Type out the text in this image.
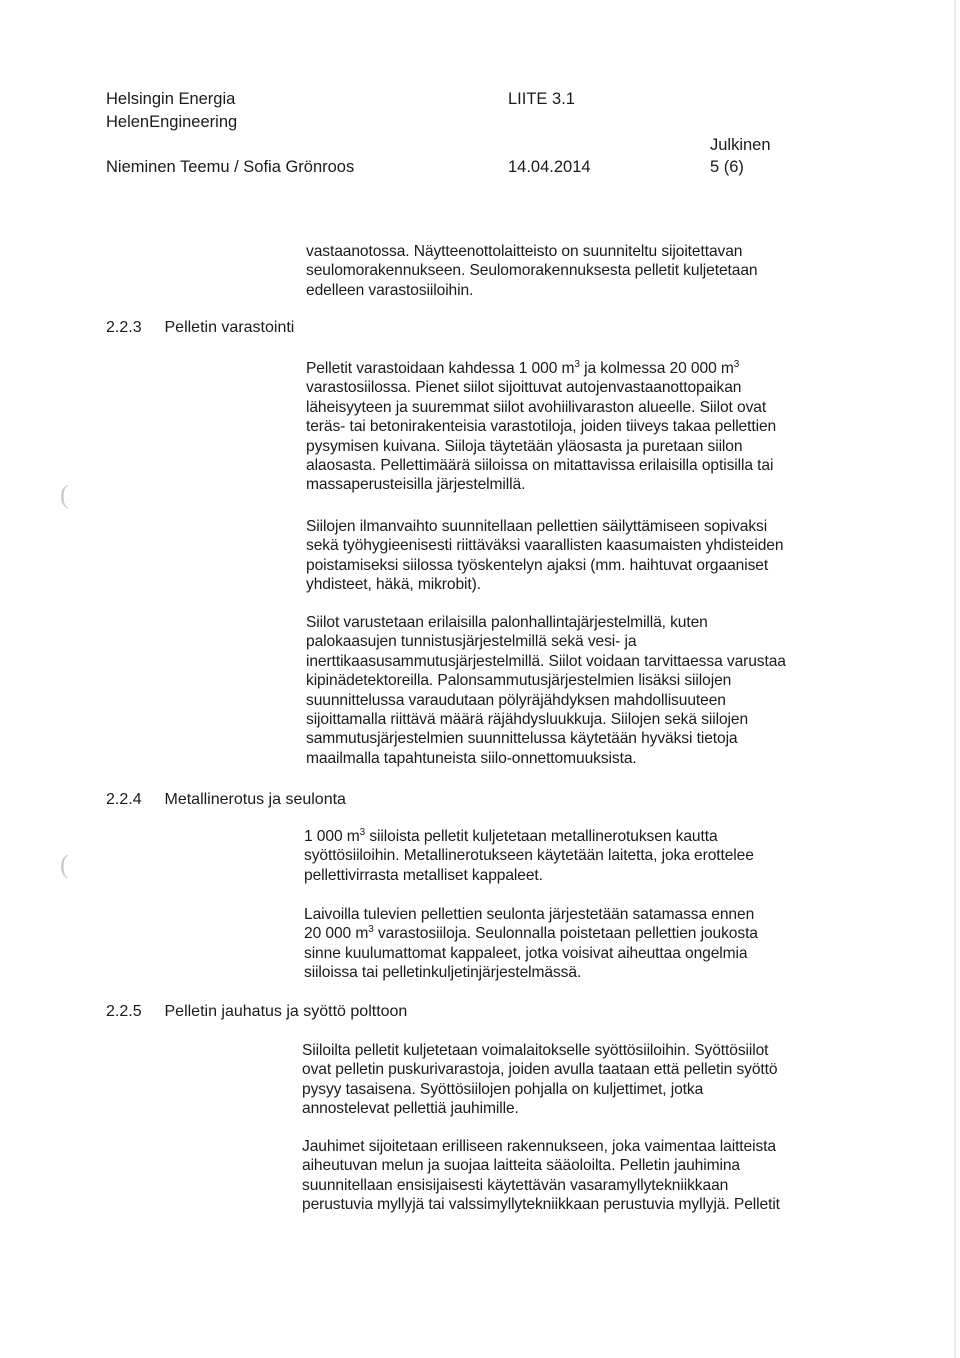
Helsingin Energia
HelenEngineering
Nieminen Teemu / Sofia Grönroos
LIITE 3.1
14.04.2014
Julkinen
5 (6)
2.2.3 Pelletin varastointi
2.2.4 Metallinerotus ja seulonta
2.2.5 Pelletin jauhatus ja syöttö polttoon
vastaanotossa. Näytteenottolaitteisto on suunniteltu sijoitettavan
seulomorakennukseen. Seulomorakennuksesta pelletit kuljetetaan
edelleen varastosiiloihin.
Pelletit varastoidaan kahdessa 1 000 $m^3$ ja kolmessa 20 000 $m^3$
varastosiilossa. Pienet siilot sijoittuvat autojenvastaanottopaikan
läheisyyteen ja suuremmat siilot avohiilivaraston alueelle. Siilot ovat
teräs- tai betonirakenteisia varastotiloja, joiden tiiveys takaa pellettien
pysymisen kuivana. Siiloja täytetään yläosasta ja puretaan siilon
alaosasta. Pellettimäärä siiloissa on mitattavissa erilaisilla optisilla tai
massaperusteisilla järjestelmillä.
Siilojen ilmanvaihto suunnitellaan pellettien säilyttämiseen sopivaksi
sekä työhygieenisesti riittäväksi vaarallisten kaasumaisten yhdisteiden
poistamiseksi siilossa työskentelyn ajaksi (mm. haihtuvat orgaaniset
yhdisteet, häkä, mikrobit).
Siilot varustetaan erilaisilla palonhallintajärjestelmillä, kuten
palokaasujen tunnistusjärjestelmillä sekä vesi- ja
inerttikaasusammutusjärjestelmillä. Siilot voidaan tarvittaessa varustaa
kipinädetektoreilla. Palonsammutusjärjestelmien lisäksi siilojen
suunnittelussa varaudutaan pölyräjähdyksen mahdollisuuteen
sijoittamalla riittävä määrä räjähdysluukkuja. Siilojen sekä siilojen
sammutusjärjestelmien suunnittelussa käytetään hyväksi tietoja
maailmalla tapahtuneista siilo-onnettomuuksista.
1 000 $m^3$ siiloista pelletit kuljetetaan metallinerotuksen kautta
syöttösiiloihin. Metallinerotukseen käytetään laitetta, joka erottelee
pellettivirrasta metalliset kappaleet.
Laivoilla tulevien pellettien seulonta järjestetään satamassa ennen
20 000 $m^3$ varastosiiloja. Seulonnalla poistetaan pellettien joukosta
sinne kuulumattomat kappaleet, jotka voisivat aiheuttaa ongelmia
siiloissa tai pelletinkuljetinjärjestelmässä.
Siiloilta pelletit kuljetetaan voimalaitokselle syöttösiiloihin. Syöttösiilot
ovat pelletin puskurivarastoja, joiden avulla taataan että pelletin syöttö
pysyy tasaisena. Syöttösiilojen pohjalla on kuljettimet, jotka
annostelevat pellettiä jauhimille.
Jauhimet sijoitetaan erilliseen rakennukseen, joka vaimentaa laitteista
aiheutuvan melun ja suojaa laitteita sääoloilta. Pelletin jauhimina
suunnitellaan ensisijaisesti käytettävän vasaramyllytekniikkaan
perustuvia myllyjä tai valssimyllytekniikkaan perustuvia myllyjä. Pelletit
(
(
